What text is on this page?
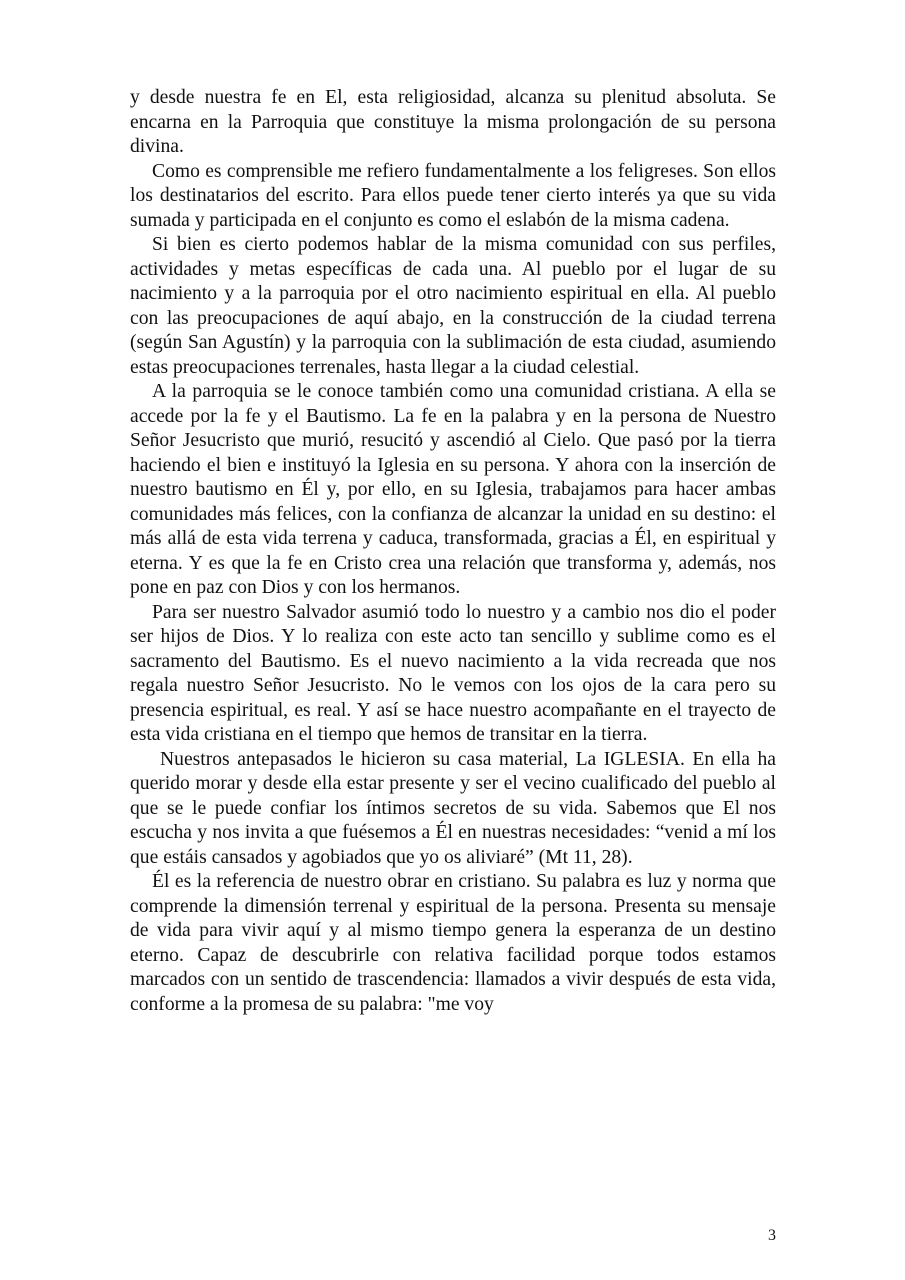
y desde nuestra fe en El, esta religiosidad, alcanza su plenitud absoluta. Se encarna en la Parroquia que constituye la misma prolongación de su persona divina.

Como es comprensible me refiero fundamentalmente a los feligreses. Son ellos los destinatarios del escrito. Para ellos puede tener cierto interés ya que su vida sumada y participada en el conjunto es como el eslabón de la misma cadena.

Si bien es cierto podemos hablar de la misma comunidad con sus perfiles, actividades y metas específicas de cada una. Al pueblo por el lugar de su nacimiento y a la parroquia por el otro nacimiento espiritual en ella. Al pueblo con las preocupaciones de aquí abajo, en la construcción de la ciudad terrena (según San Agustín) y la parroquia con la sublimación de esta ciudad, asumiendo estas preocupaciones terrenales, hasta llegar a la ciudad celestial.

A la parroquia se le conoce también como una comunidad cristiana. A ella se accede por la fe y el Bautismo. La fe en la palabra y en la persona de Nuestro Señor Jesucristo que murió, resucitó y ascendió al Cielo. Que pasó por la tierra haciendo el bien e instituyó la Iglesia en su persona. Y ahora con la inserción de nuestro bautismo en Él y, por ello, en su Iglesia, trabajamos para hacer ambas comunidades más felices, con la confianza de alcanzar la unidad en su destino: el más allá de esta vida terrena y caduca, transformada, gracias a Él, en espiritual y eterna. Y es que la fe en Cristo crea una relación que transforma y, además, nos pone en paz con Dios y con los hermanos.

Para ser nuestro Salvador asumió todo lo nuestro y a cambio nos dio el poder ser hijos de Dios. Y lo realiza con este acto tan sencillo y sublime como es el sacramento del Bautismo. Es el nuevo nacimiento a la vida recreada que nos regala nuestro Señor Jesucristo. No le vemos con los ojos de la cara pero su presencia espiritual, es real. Y así se hace nuestro acompañante en el trayecto de esta vida cristiana en el tiempo que hemos de transitar en la tierra.

Nuestros antepasados le hicieron su casa material, La IGLESIA. En ella ha querido morar y desde ella estar presente y ser el vecino cualificado del pueblo al que se le puede confiar los íntimos secretos de su vida. Sabemos que El nos escucha y nos invita a que fuésemos a Él en nuestras necesidades: “venid a mí los que estáis cansados y agobiados que yo os aliviaré” (Mt 11, 28).

Él es la referencia de nuestro obrar en cristiano. Su palabra es luz y norma que comprende la dimensión terrenal y espiritual de la persona. Presenta su mensaje de vida para vivir aquí y al mismo tiempo genera la esperanza de un destino eterno. Capaz de descubrirle con relativa facilidad porque todos estamos marcados con un sentido de trascendencia: llamados a vivir después de esta vida, conforme a la promesa de su palabra: "me voy

3
